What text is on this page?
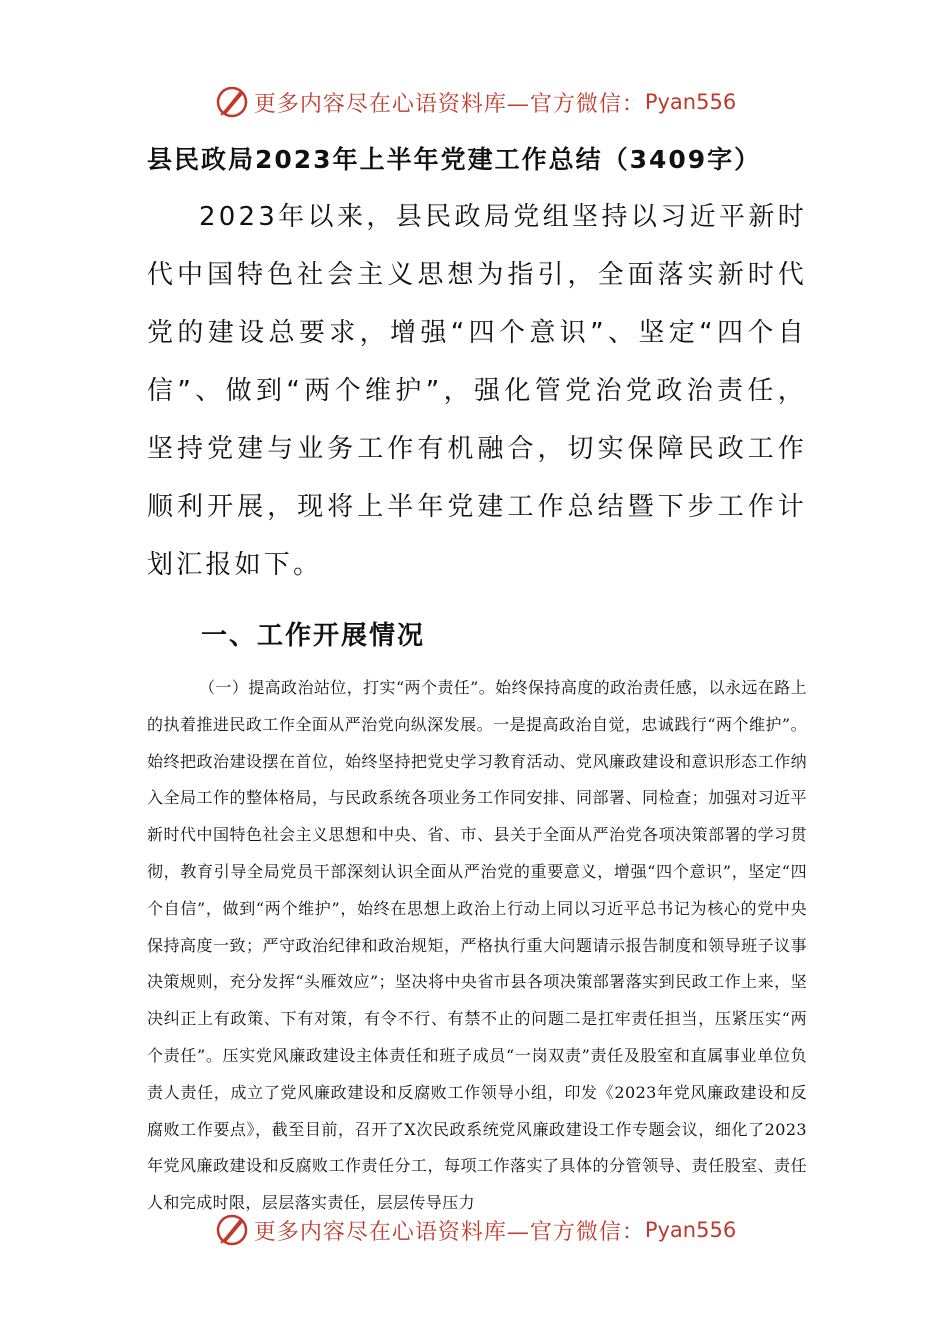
更多内容尽在心语资料库—官方微信： Pyan556
县民政局2023年上半年党建工作总结（3409字）

2023年以来，县民政局党组坚持以习近平新时代中国特色社会主义思想为指引，全面落实新时代党的建设总要求，增强“四个意识”、坚定“四个自信”、做到“两个维护”，强化管党治党政治责任，坚持党建与业务工作有机融合，切实保障民政工作顺利开展，现将上半年党建工作总结暨下步工作计划汇报如下。

一、工作开展情况

（一）提高政治站位，打实“两个责任”。始终保持高度的政治责任感，以永远在路上的执着推进民政工作全面从严治党向纵深发展。一是提高政治自觉，忠诚践行“两个维护”。始终把政治建设摆在首位，始终坚持把党史学习教育活动、党风廉政建设和意识形态工作纳入全局工作的整体格局，与民政系统各项业务工作同安排、同部署、同检查；加强对习近平新时代中国特色社会主义思想和中央、省、市、县关于全面从严治党各项决策部署的学习贯彻，教育引导全局党员干部深刻认识全面从严治党的重要意义，增强“四个意识”，坚定“四个自信”，做到“两个维护”，始终在思想上政治上行动上同以习近平总书记为核心的党中央保持高度一致；严守政治纪律和政治规矩，严格执行重大问题请示报告制度和领导班子议事决策规则，充分发挥“头雁效应”；坚决将中央省市县各项决策部署落实到民政工作上来，坚决纠正上有政策、下有对策，有令不行、有禁不止的问题二是扛牢责任担当，压紧压实“两个责任”。压实党风廉政建设主体责任和班子成员“一岗双责”责任及股室和直属事业单位负责人责任，成立了党风廉政建设和反腐败工作领导小组，印发《2023年党风廉政建设和反腐败工作要点》，截至目前，召开了X次民政系统党风廉政建设工作专题会议，细化了2023年党风廉政建设和反腐败工作责任分工，每项工作落实了具体的分管领导、责任股室、责任人和完成时限，层层落实责任，层层传导压力

更多内容尽在心语资料库—官方微信： Pyan556
